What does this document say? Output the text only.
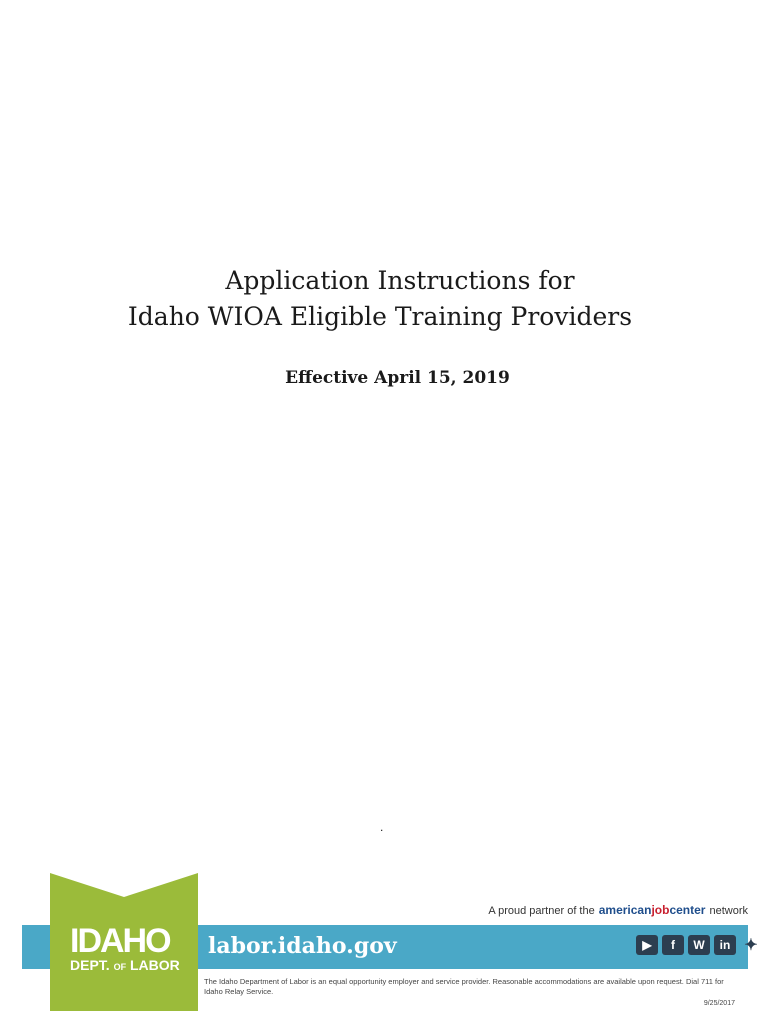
Application Instructions for
Idaho WIOA Eligible Training Providers
Effective April 15, 2019
.
IDAHO
DEPT. OF LABOR
labor.idaho.gov
A proud partner of the americanjobcenter network
▶	f	W	in ✦
The Idaho Department of Labor is an equal opportunity employer and service provider. Reasonable accommodations are available upon request. Dial 711 for Idaho Relay Service.
9/25/2017
